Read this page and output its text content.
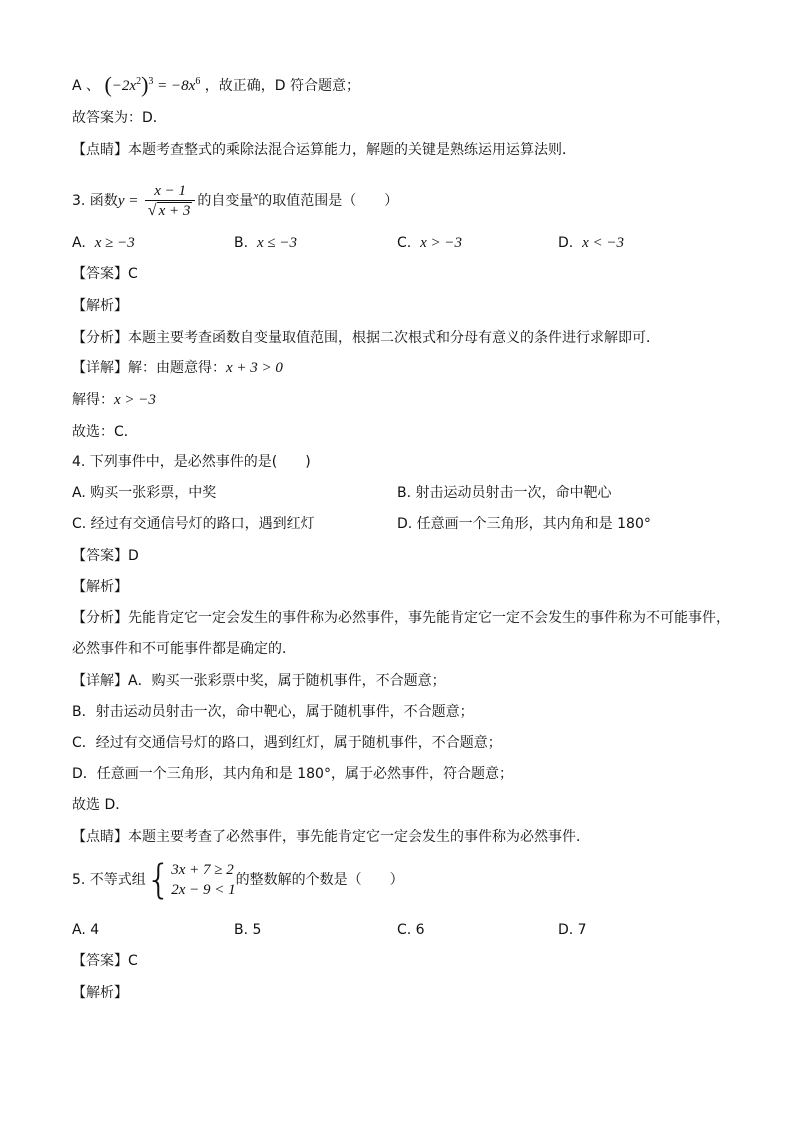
A 、 $(-2x^2)^3 = -8x^6$ ，故正确，D 符合题意；
故答案为：D．
【点睛】本题考查整式的乘除法混合运算能力，解题的关键是熟练运用运算法则．
3. 函数$y = \frac{x - 1}{√ x + 3}$ 的自变量$^x$的取值范围是（　　）
A. x ≥ −3	B. x ≤ −3	C. x > −3	D. x < −3
【答案】C
【解析】
【分析】本题主要考查函数自变量取值范围，根据二次根式和分母有意义的条件进行求解即可．
【详解】解：由题意得：x + 3 > 0
解得：x > −3
故选：C．
4. 下列事件中，是必然事件的是(　　)
A. 购买一张彩票，中奖	B. 射击运动员射击一次，命中靶心
C. 经过有交通信号灯的路口，遇到红灯	D. 任意画一个三角形，其内角和是 180°
【答案】D
【解析】
【分析】先能肯定它一定会发生的事件称为必然事件，事先能肯定它一定不会发生的事件称为不可能事件，
必然事件和不可能事件都是确定的．
【详解】A．购买一张彩票中奖，属于随机事件，不合题意；
B．射击运动员射击一次，命中靶心，属于随机事件，不合题意；
C．经过有交通信号灯的路口，遇到红灯，属于随机事件，不合题意；
D．任意画一个三角形，其内角和是 180°，属于必然事件，符合题意；
故选 D．
【点睛】本题主要考查了必然事件，事先能肯定它一定会发生的事件称为必然事件．
5. 不等式组{ 3x + 7 ≥ 2
2x − 9 < 1
的整数解的个数是（　　）
A. 4	B. 5	C. 6	D. 7
【答案】C
【解析】
